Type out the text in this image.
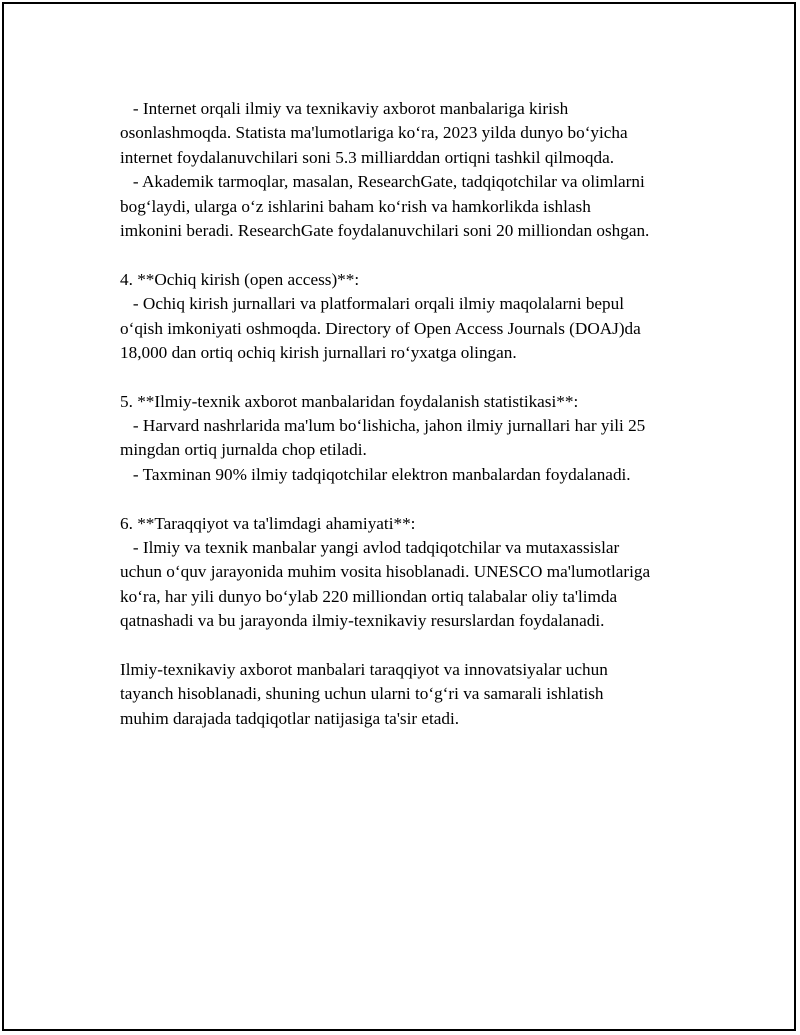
- Internet orqali ilmiy va texnikaviy axborot manbalariga kirish
osonlashmoqda. Statista ma'lumotlariga koʻra, 2023 yilda dunyo boʻyicha
internet foydalanuvchilari soni 5.3 milliarddan ortiqni tashkil qilmoqda.
- Akademik tarmoqlar, masalan, ResearchGate, tadqiqotchilar va olimlarni
bogʻlaydi, ularga oʻz ishlarini baham koʻrish va hamkorlikda ishlash
imkonini beradi. ResearchGate foydalanuvchilari soni 20 milliondan oshgan.
4. **Ochiq kirish (open access)**:
- Ochiq kirish jurnallari va platformalari orqali ilmiy maqolalarni bepul
oʻqish imkoniyati oshmoqda. Directory of Open Access Journals (DOAJ)da
18,000 dan ortiq ochiq kirish jurnallari roʻyxatga olingan.
5. **Ilmiy-texnik axborot manbalaridan foydalanish statistikasi**:
- Harvard nashrlarida ma'lum boʻlishicha, jahon ilmiy jurnallari har yili 25
mingdan ortiq jurnalda chop etiladi.
- Taxminan 90% ilmiy tadqiqotchilar elektron manbalardan foydalanadi.
6. **Taraqqiyot va ta'limdagi ahamiyati**:
- Ilmiy va texnik manbalar yangi avlod tadqiqotchilar va mutaxassislar
uchun oʻquv jarayonida muhim vosita hisoblanadi. UNESCO ma'lumotlariga
koʻra, har yili dunyo boʻylab 220 milliondan ortiq talabalar oliy ta'limda
qatnashadi va bu jarayonda ilmiy-texnikaviy resurslardan foydalanadi.
Ilmiy-texnikaviy axborot manbalari taraqqiyot va innovatsiyalar uchun
tayanch hisoblanadi, shuning uchun ularni toʻgʻri va samarali ishlatish
muhim darajada tadqiqotlar natijasiga ta'sir etadi.
